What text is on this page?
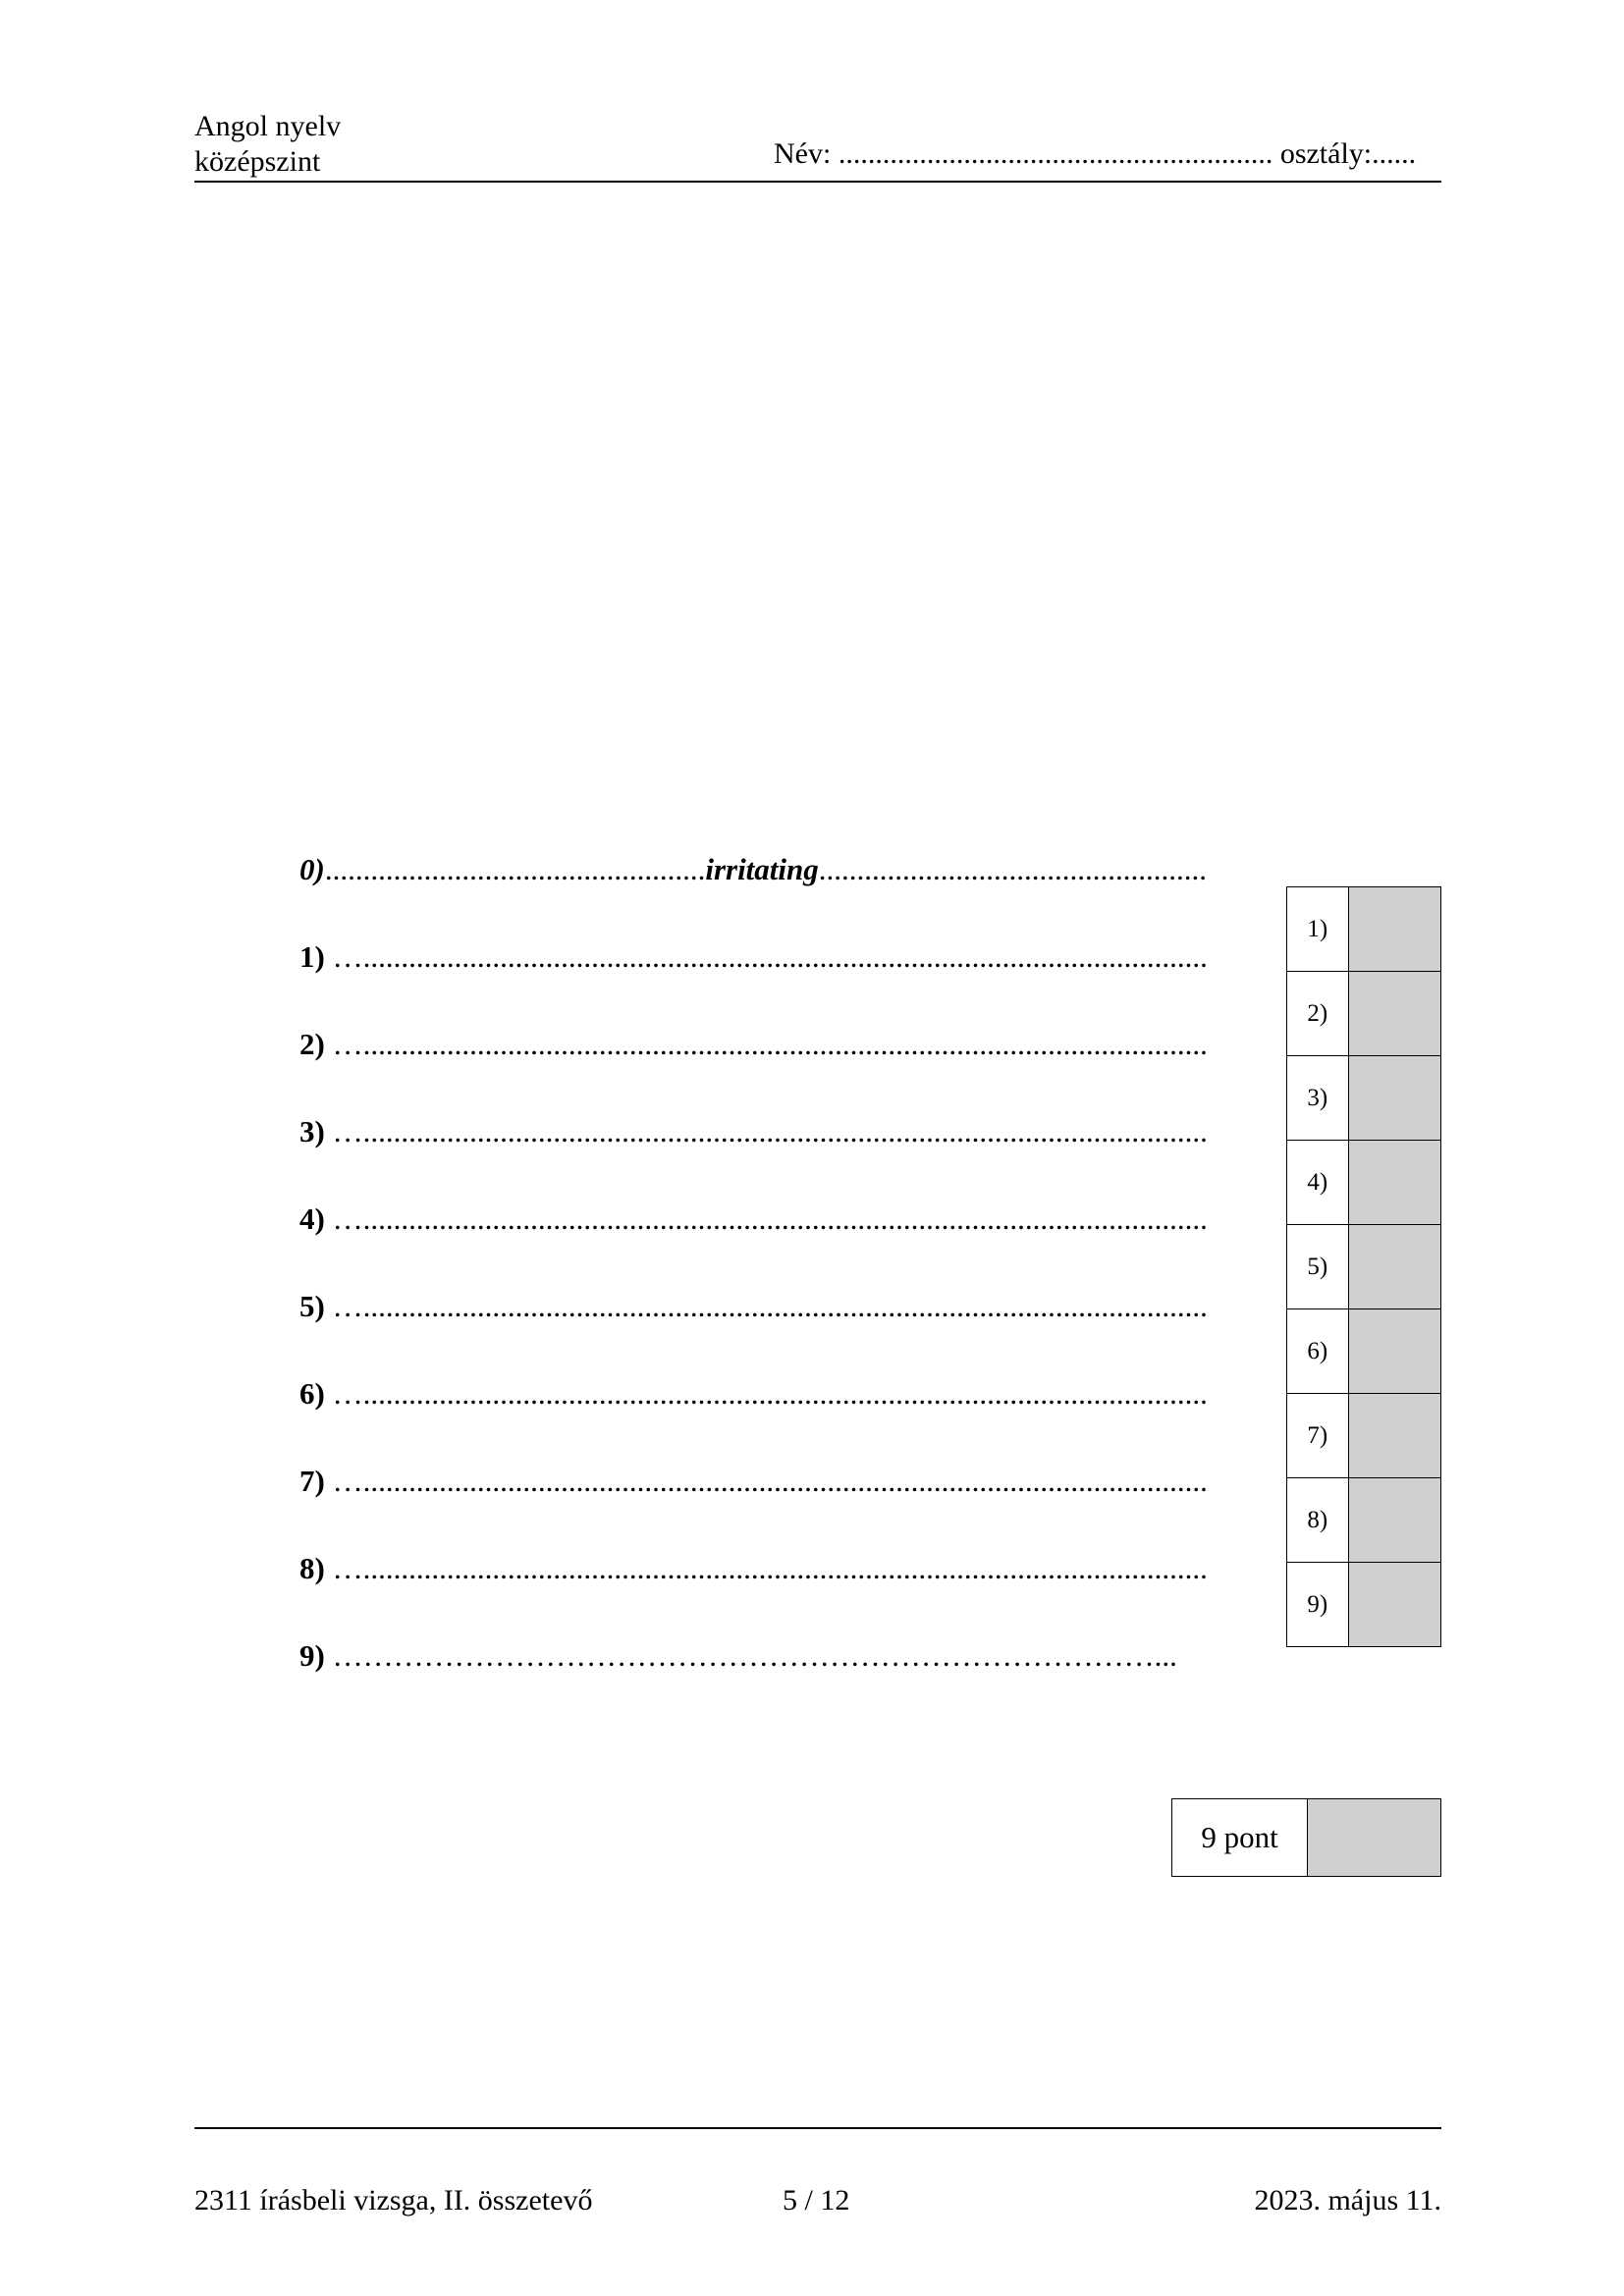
Angol nyelv
középszint	Név: ........................................................... osztály:......
0)..................................................irritating...................................................
1) …...............................................................................................................
2) …...............................................................................................................
3) …...............................................................................................................
4) …...............................................................................................................
5) …...............................................................................................................
6) …...............................................................................................................
7) …...............................................................................................................
8) …...............................................................................................................
9) ………………………………………………………………………...
1)	
2)	
3)	
4)	
5)	
6)	
7)	
8)	
9)	
9 pont
2311 írásbeli vizsga, II. összetevő	5 / 12	2023. május 11.
